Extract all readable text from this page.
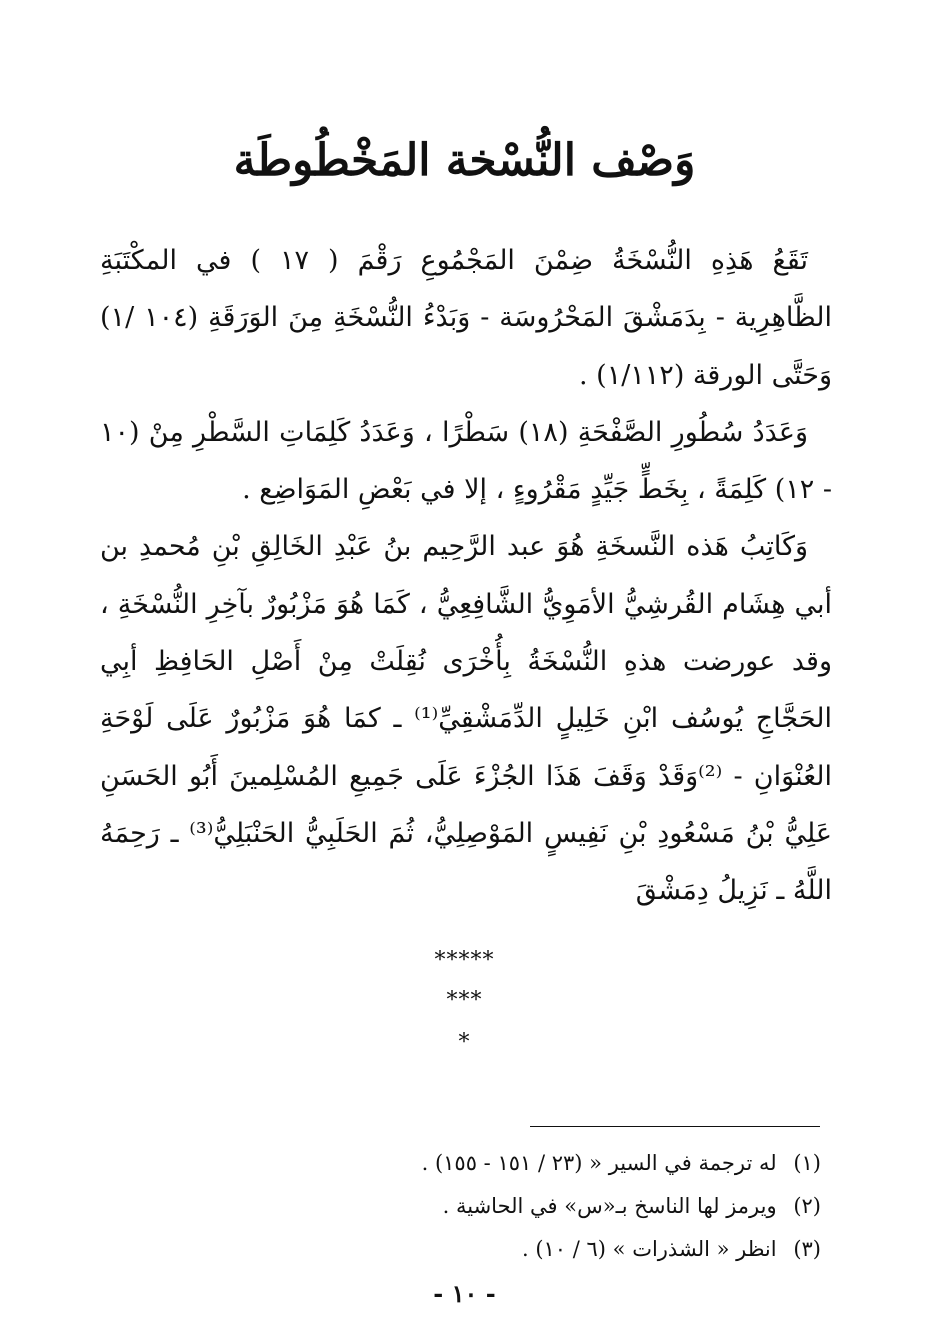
وَصْف النُّسْخة المَخْطُوطَة

تَقَعُ هَذِهِ النُّسْخَةُ ضِمْنَ المَجْمُوعِ رَقْمَ ( ١٧ ) في المكْتَبَةِ الظَّاهِرِية - بِدَمَشْقَ المَحْرُوسَة - وَبَدْءُ النُّسْخَةِ مِنَ الوَرَقَةِ (١٠٤ /١) وَحَتَّى الورقة (١/١١٢) .

وَعَدَدُ سُطُورِ الصَّفْحَةِ (١٨) سَطْرًا ، وَعَدَدُ كَلِمَاتِ السَّطْرِ مِنْ (١٠ - ١٢) كَلِمَةً ، بِخَطٍّ جَيِّدٍ مَقْرُوءٍ ، إلا في بَعْضِ المَوَاضِع .

وَكَاتِبُ هَذه النَّسخَةِ هُوَ عبد الرَّحِيم بنُ عَبْدِ الخَالِقِ بْنِ مُحمدِ بن أبي هِشَام القُرشِيُّ الأمَوِيُّ الشَّافِعِيُّ ، كَمَا هُوَ مَزْبُورٌ بآخِرِ النُّسْخَةِ ، وقد عورضت هذهِ النُّسْخَةُ بِأُخْرَى نُقِلَتْ مِنْ أَصْلِ الحَافِظِ أبِي الحَجَّاجِ يُوسُف ابْنِ خَلِيلٍ الدِّمَشْقِيِّ⁽¹⁾ ـ كمَا هُوَ مَزْبُورٌ عَلَى لَوْحَةِ العُنْوَانِ - ⁽²⁾وَقَدْ وَقَفَ هَذَا الجُزْءَ عَلَى جَمِيعِ المُسْلِمينَ أَبُو الحَسَنِ عَلِيُّ بْنُ مَسْعُودِ بْنِ نَفِيسٍ المَوْصِلِيُّ، ثُمَ الحَلَبِيُّ الحَنْبَلِيُّ⁽³⁾ ـ رَحِمَهُ اللَّهُ ـ نَزِيلُ دِمَشْقَ

*****
***
*
(١) له ترجمة في السير « (٢٣ / ١٥١ - ١٥٥) .
(٢) ويرمز لها الناسخ بـ«س» في الحاشية .
(٣) انظر « الشذرات » (٦ / ١٠) .
- ١٠ -
